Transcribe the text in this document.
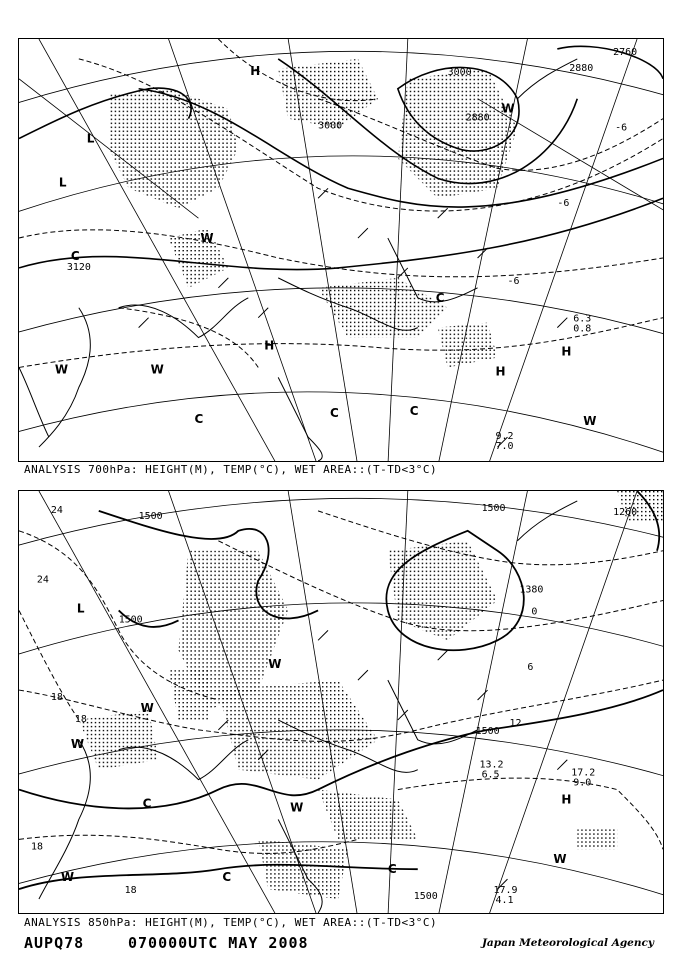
3120
3000
3000
2880
2880
2760
-6
-6
-6
H
L
L
W
C
C
W
H
H
H
W
W
C	C
C	W
9.2
7.0
6.3
0.8
ANALYSIS 700hPa: HEIGHT(M), TEMP(°C), WET AREA::(T-TD<3°C)
24
24
1500
1500
1500
1380
1260
1500
1500
0
6
12
18
18
18
18
L
W
W
C	H
W
W
C
C
W
W
17.2
9.0
17.9
4.1
13.2
6.5
ANALYSIS 850hPa: HEIGHT(M), TEMP(°C), WET AREA::(T-TD<3°C)
AUPQ78	070000UTC MAY 2008	Japan Meteorological Agency
